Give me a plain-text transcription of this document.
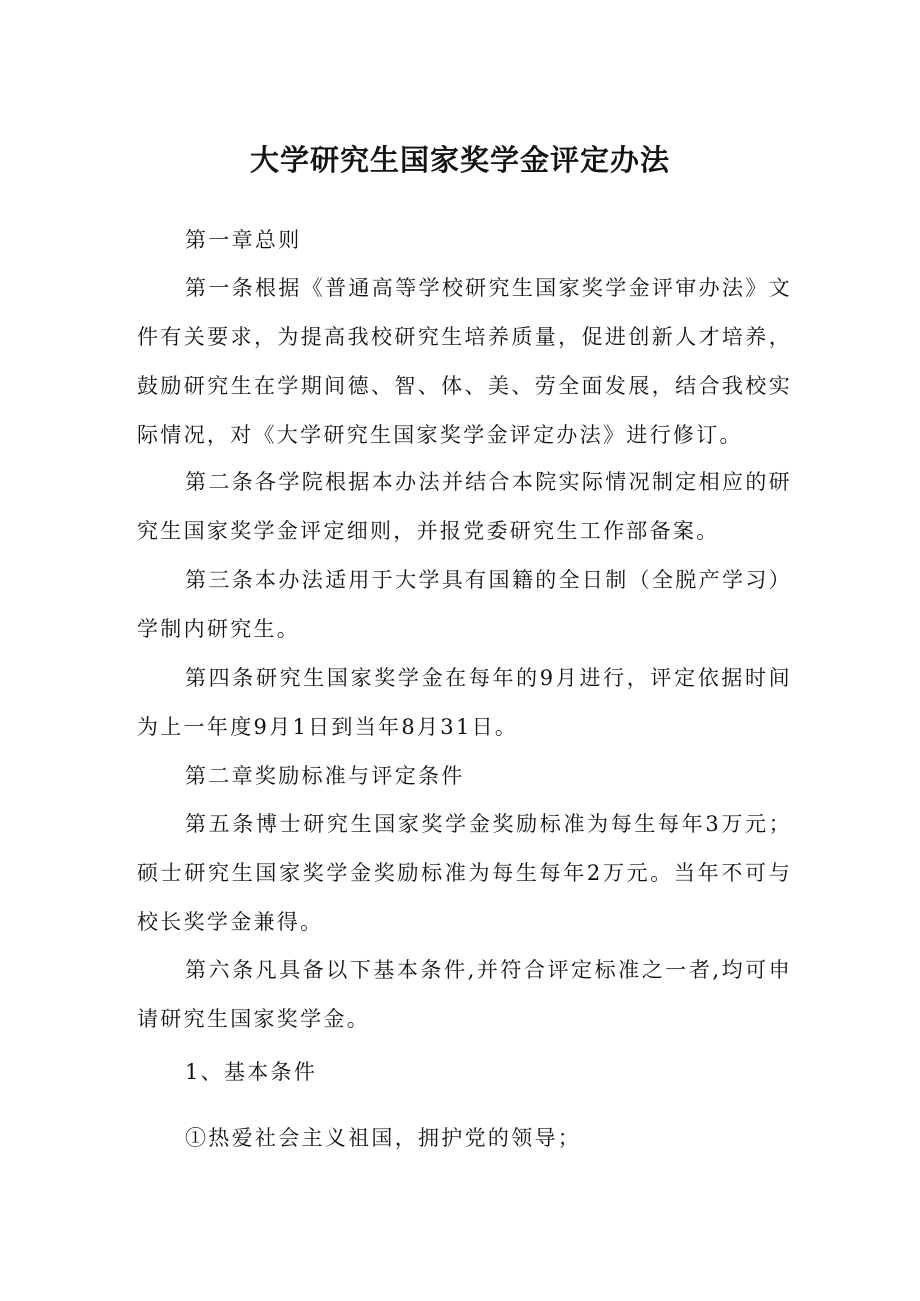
大学研究生国家奖学金评定办法

第一章总则

第一条根据《普通高等学校研究生国家奖学金评审办法》文件有关要求，为提高我校研究生培养质量，促进创新人才培养，鼓励研究生在学期间德、智、体、美、劳全面发展，结合我校实际情况，对《大学研究生国家奖学金评定办法》进行修订。

第二条各学院根据本办法并结合本院实际情况制定相应的研究生国家奖学金评定细则，并报党委研究生工作部备案。

第三条本办法适用于大学具有国籍的全日制（全脱产学习）学制内研究生。

第四条研究生国家奖学金在每年的9月进行，评定依据时间为上一年度9月1日到当年8月31日。

第二章奖励标准与评定条件

第五条博士研究生国家奖学金奖励标准为每生每年3万元；硕士研究生国家奖学金奖励标准为每生每年2万元。当年不可与校长奖学金兼得。

第六条凡具备以下基本条件,并符合评定标准之一者,均可申请研究生国家奖学金。

1、基本条件

①热爱社会主义祖国，拥护党的领导；
